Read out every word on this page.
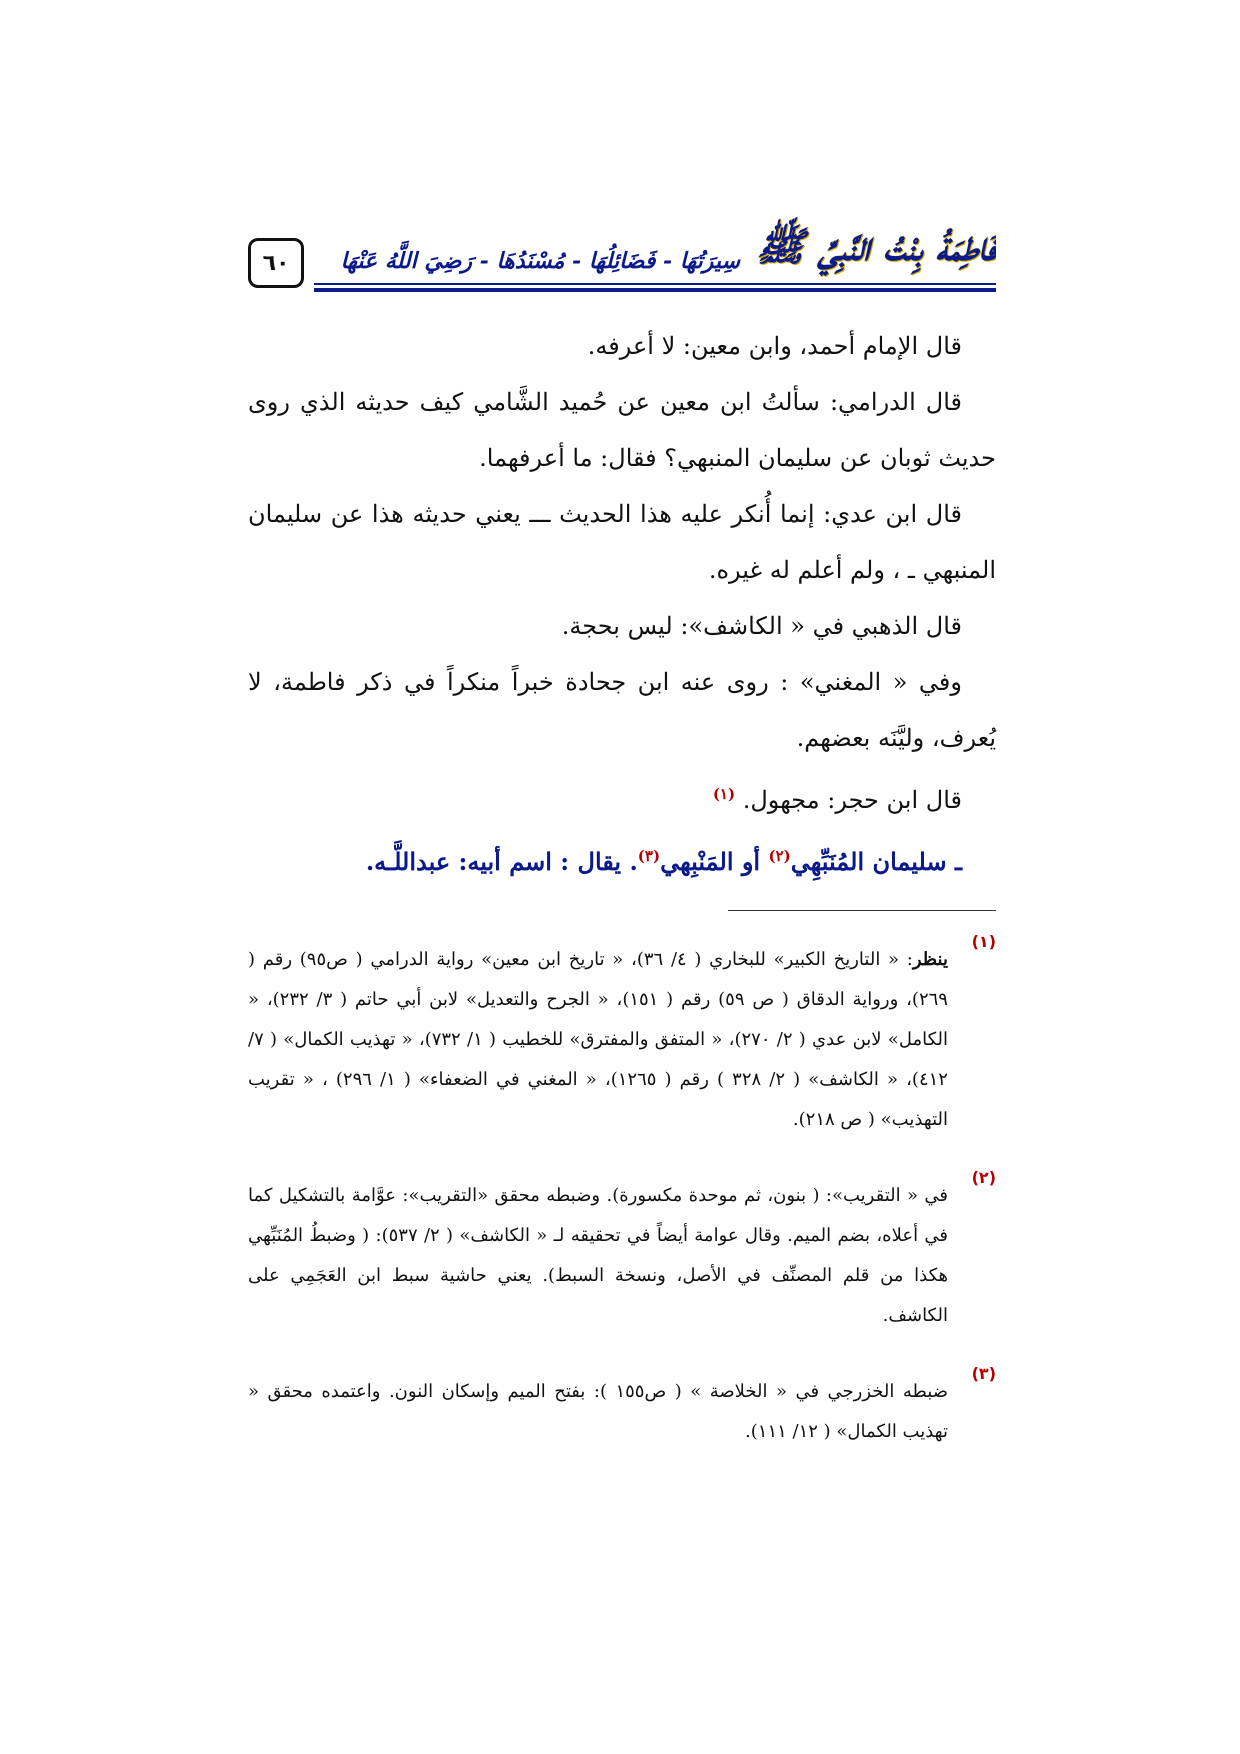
٦٠	فَاطِمَةُ بِنْتُ النَّبِيِّ ﷺ
سِيرَتُهَا - فَضَائِلُهَا - مُسْنَدُهَا - رَضِيَ اللَّهُ عَنْهَا

قال الإمام أحمد، وابن معين: لا أعرفه.

قال الدرامي: سألتُ ابن معين عن حُميد الشَّامي كيف حديثه الذي روى حديث ثوبان عن سليمان المنبهي؟ فقال: ما أعرفهما.

قال ابن عدي: إنما أُنكر عليه هذا الحديث ـــ يعني حديثه هذا عن سليمان المنبهي ـ ، ولم أعلم له غيره.

قال الذهبي في « الكاشف»: ليس بحجة.

وفي « المغني» : روى عنه ابن جحادة خبراً منكراً في ذكر فاطمة، لا يُعرف، وليَّنَه بعضهم.

قال ابن حجر: مجهول. $^{(١)}$

ـ سليمان المُنَبِّهِي$^{(٢)}$ أو المَنْبِهي$^{(٣)}$. يقال : اسم أبيه: عبداللَّـه.

(١)

ينظر: « التاريخ الكبير» للبخاري ( ٤/ ٣٦)، « تاريخ ابن معين» رواية الدرامي ( ص٩٥) رقم ( ٢٦٩)، ورواية الدقاق ( ص ٥٩) رقم ( ١٥١)، « الجرح والتعديل» لابن أبي حاتم ( ٣/ ٢٣٢)، « الكامل» لابن عدي ( ٢/ ٢٧٠)، « المتفق والمفترق» للخطيب ( ١/ ٧٣٢)، « تهذيب الكمال» ( ٧/ ٤١٢)، « الكاشف» ( ٢/ ٣٢٨ ) رقم ( ١٢٦٥)، « المغني في الضعفاء» ( ١/ ٢٩٦) ، « تقريب التهذيب» ( ص ٢١٨).

(٢)

في « التقريب»: ( بنون، ثم موحدة مكسورة). وضبطه محقق «التقريب»: عوَّامة بالتشكيل كما في أعلاه، بضم الميم. وقال عوامة أيضاً في تحقيقه لـ « الكاشف» ( ٢/ ٥٣٧): ( وضبطُ المُنَبِّهي هكذا من قلم المصنِّف في الأصل، ونسخة السبط). يعني حاشية سبط ابن العَجَمِي على الكاشف.

(٣)

ضبطه الخزرجي في « الخلاصة » ( ص١٥٥ ): بفتح الميم وإسكان النون. واعتمده محقق « تهذيب الكمال» ( ١٢/ ١١١).
